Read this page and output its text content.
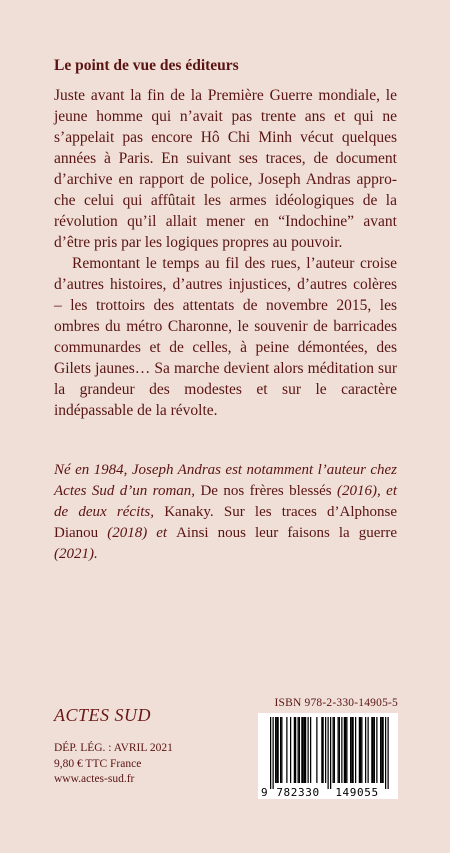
Le point de vue des éditeurs

Juste avant la fin de la Première Guerre mondiale, le jeune homme qui n’avait pas trente ans et qui ne s’appelait pas encore Hô Chi Minh vécut quelques années à Paris. En suivant ses traces, de document d’archive en rapport de police, Joseph Andras approche celui qui affûtait les armes idéologiques de la révolution qu’il allait mener en “Indochine” avant d’être pris par les logiques propres au pouvoir.

Remontant le temps au fil des rues, l’auteur croise d’autres histoires, d’autres injustices, d’autres colères – les trottoirs des attentats de novembre 2015, les ombres du métro Charonne, le souvenir de barricades communardes et de celles, à peine démontées, des Gilets jaunes… Sa marche devient alors méditation sur la grandeur des modestes et sur le caractère indépassable de la révolte.

Né en 1984, Joseph Andras est notamment l’auteur chez Actes Sud d’un roman, De nos frères blessés (2016), et de deux récits, Kanaky. Sur les traces d’Alphonse Dianou (2018) et Ainsi nous leur faisons la guerre (2021).
ACTES SUD
DÉP. LÉG. : AVRIL 2021
9,80 € TTC France
www.actes-sud.fr
ISBN 978-2-330-14905-5
9 782330 149055
